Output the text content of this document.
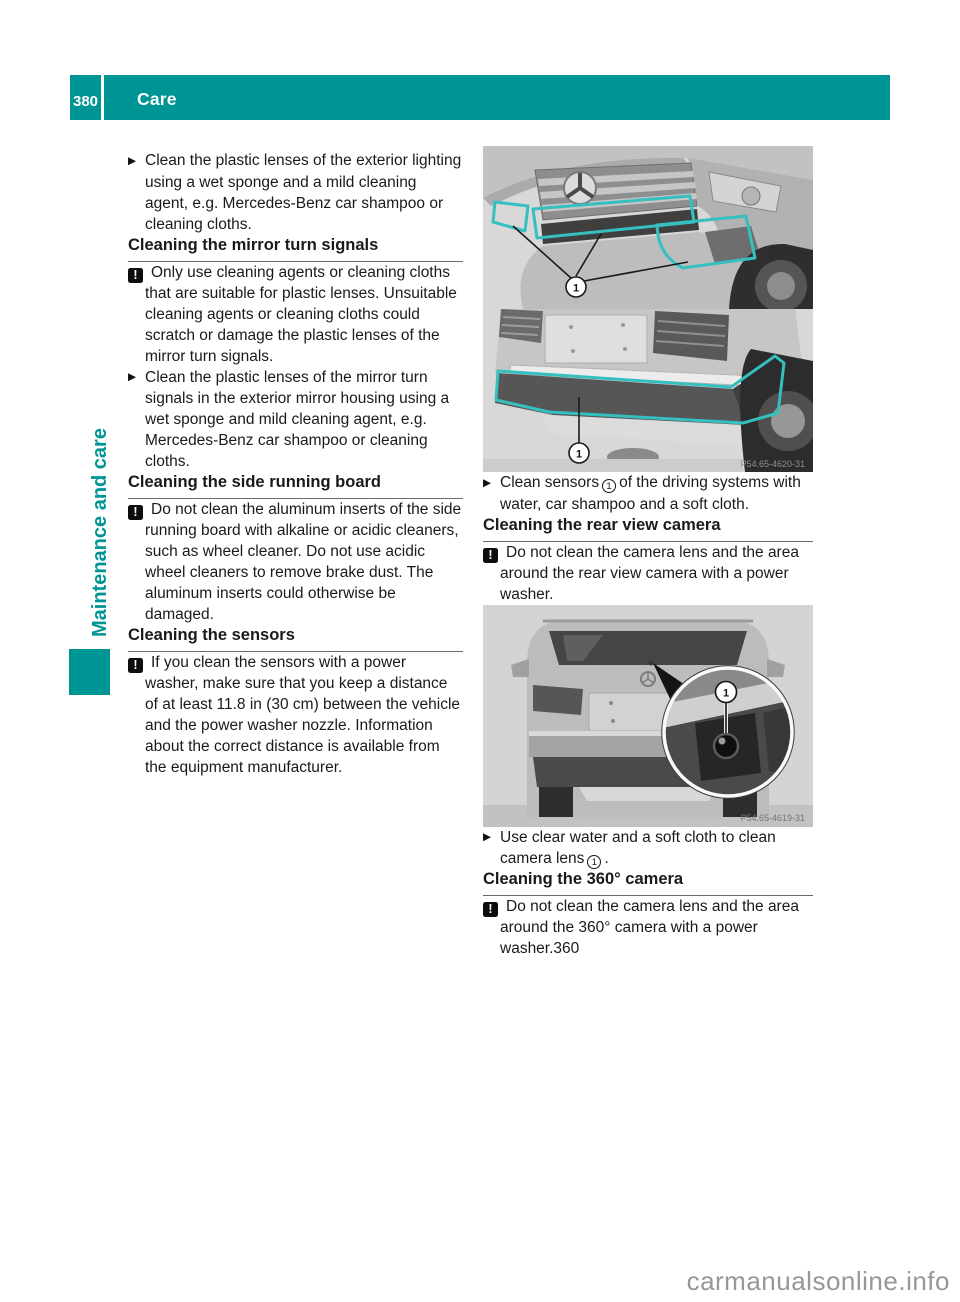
380 Care
Maintenance and care

▶ Clean the plastic lenses of the exterior lighting using a wet sponge and a mild cleaning agent, e.g. Mercedes-Benz car shampoo or cleaning cloths.

Cleaning the mirror turn signals

! Only use cleaning agents or cleaning cloths that are suitable for plastic lenses. Unsuitable cleaning agents or cleaning cloths could scratch or damage the plastic lenses of the mirror turn signals.

▶ Clean the plastic lenses of the mirror turn signals in the exterior mirror housing using a wet sponge and mild cleaning agent, e.g. Mercedes-Benz car shampoo or cleaning cloths.

Cleaning the side running board

! Do not clean the aluminum inserts of the side running board with alkaline or acidic cleaners, such as wheel cleaner. Do not use acidic wheel cleaners to remove brake dust. The aluminum inserts could otherwise be damaged.

Cleaning the sensors

! If you clean the sensors with a power washer, make sure that you keep a distance of at least 11.8 in (30 cm) between the vehicle and the power washer nozzle. Information about the correct distance is available from the equipment manufacturer.

1
1
P54.65-4620-31

▶ Clean sensors 1 of the driving systems with water, car shampoo and a soft cloth.

Cleaning the rear view camera

! Do not clean the camera lens and the area around the rear view camera with a power washer.

1
P54.65-4619-31

▶ Use clear water and a soft cloth to clean camera lens 1 .

Cleaning the 360° camera

! Do not clean the camera lens and the area around the 360° camera with a power washer.360

carmanualsonline.info
